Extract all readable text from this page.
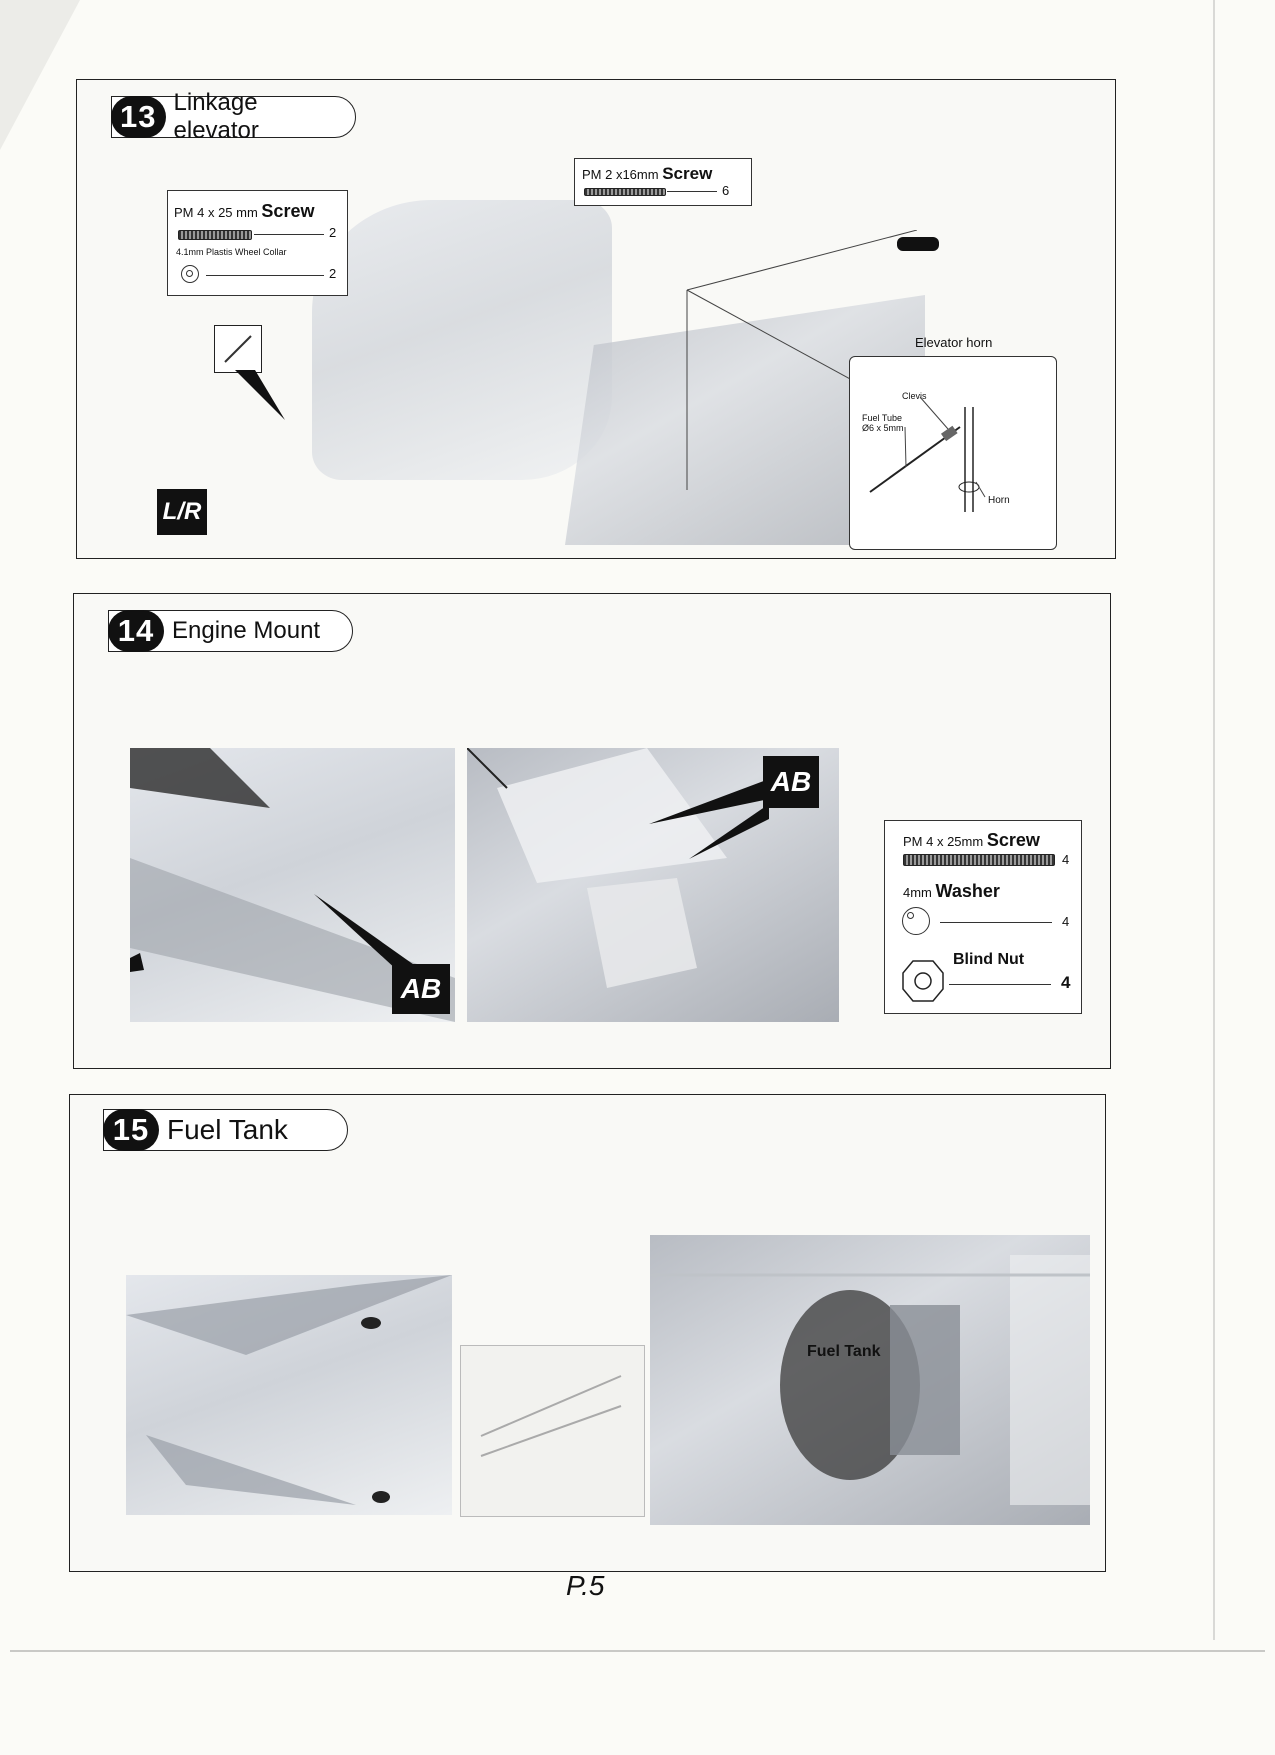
13 Linkage elevator
PM 4 x 25 mm Screw
2
4.1mm Plastis Wheel Collar
2
PM 2 x16mm Screw
6
L/R
Elevator horn
Clevis
Fuel Tube
Ø6 x 5mm
Horn
14 Engine Mount
AB
AB
PM 4 x 25mm Screw
4
4mm Washer
4
Blind Nut
4
15 Fuel Tank
Fuel Tank
P.5
